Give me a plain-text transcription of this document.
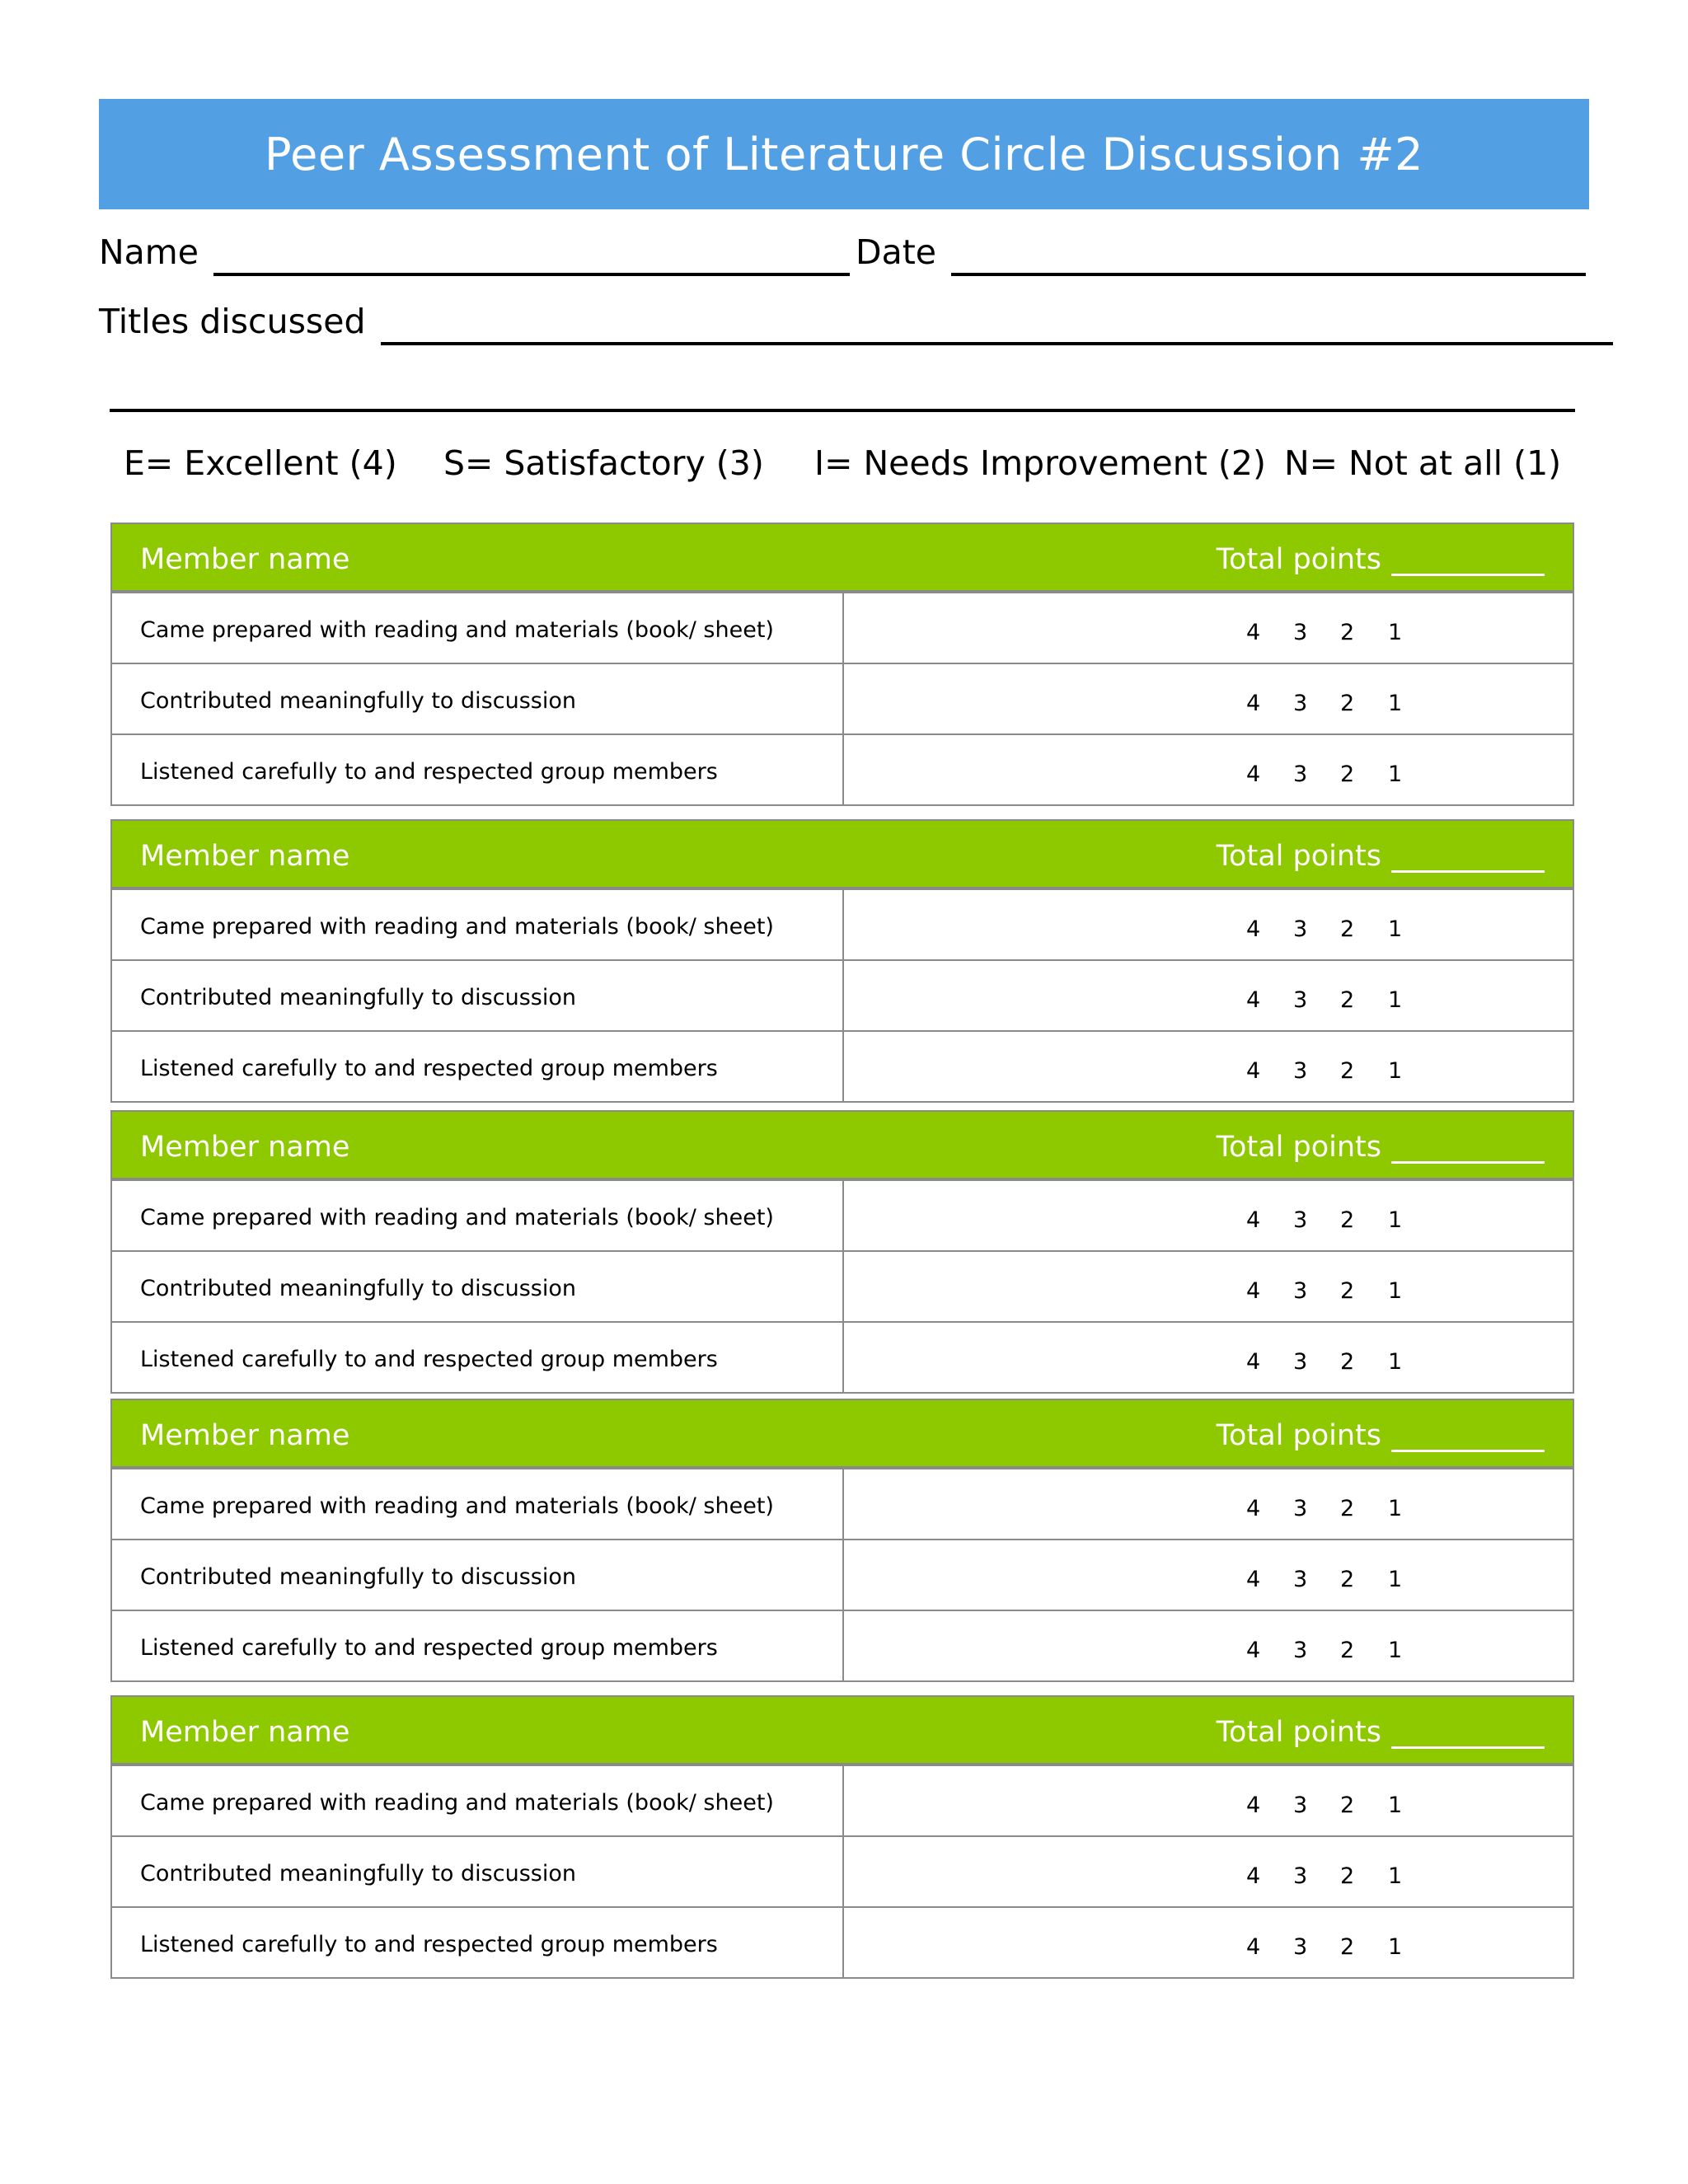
Peer Assessment of Literature Circle Discussion #2
Name	Date
Titles discussed
E= Excellent (4) S= Satisfactory (3) I= Needs Improvement (2) N= Not at all (1)
Member name	Total points
Came prepared with reading and materials (book/ sheet)	4 3 2 1
Contributed meaningfully to discussion	4 3 2 1
Listened carefully to and respected group members	4 3 2 1
Member name	Total points
Came prepared with reading and materials (book/ sheet)	4 3 2 1
Contributed meaningfully to discussion	4 3 2 1
Listened carefully to and respected group members	4 3 2 1
Member name	Total points
Came prepared with reading and materials (book/ sheet)	4 3 2 1
Contributed meaningfully to discussion	4 3 2 1
Listened carefully to and respected group members	4 3 2 1
Member name	Total points
Came prepared with reading and materials (book/ sheet)	4 3 2 1
Contributed meaningfully to discussion	4 3 2 1
Listened carefully to and respected group members	4 3 2 1
Member name	Total points
Came prepared with reading and materials (book/ sheet)	4 3 2 1
Contributed meaningfully to discussion	4 3 2 1
Listened carefully to and respected group members	4 3 2 1
